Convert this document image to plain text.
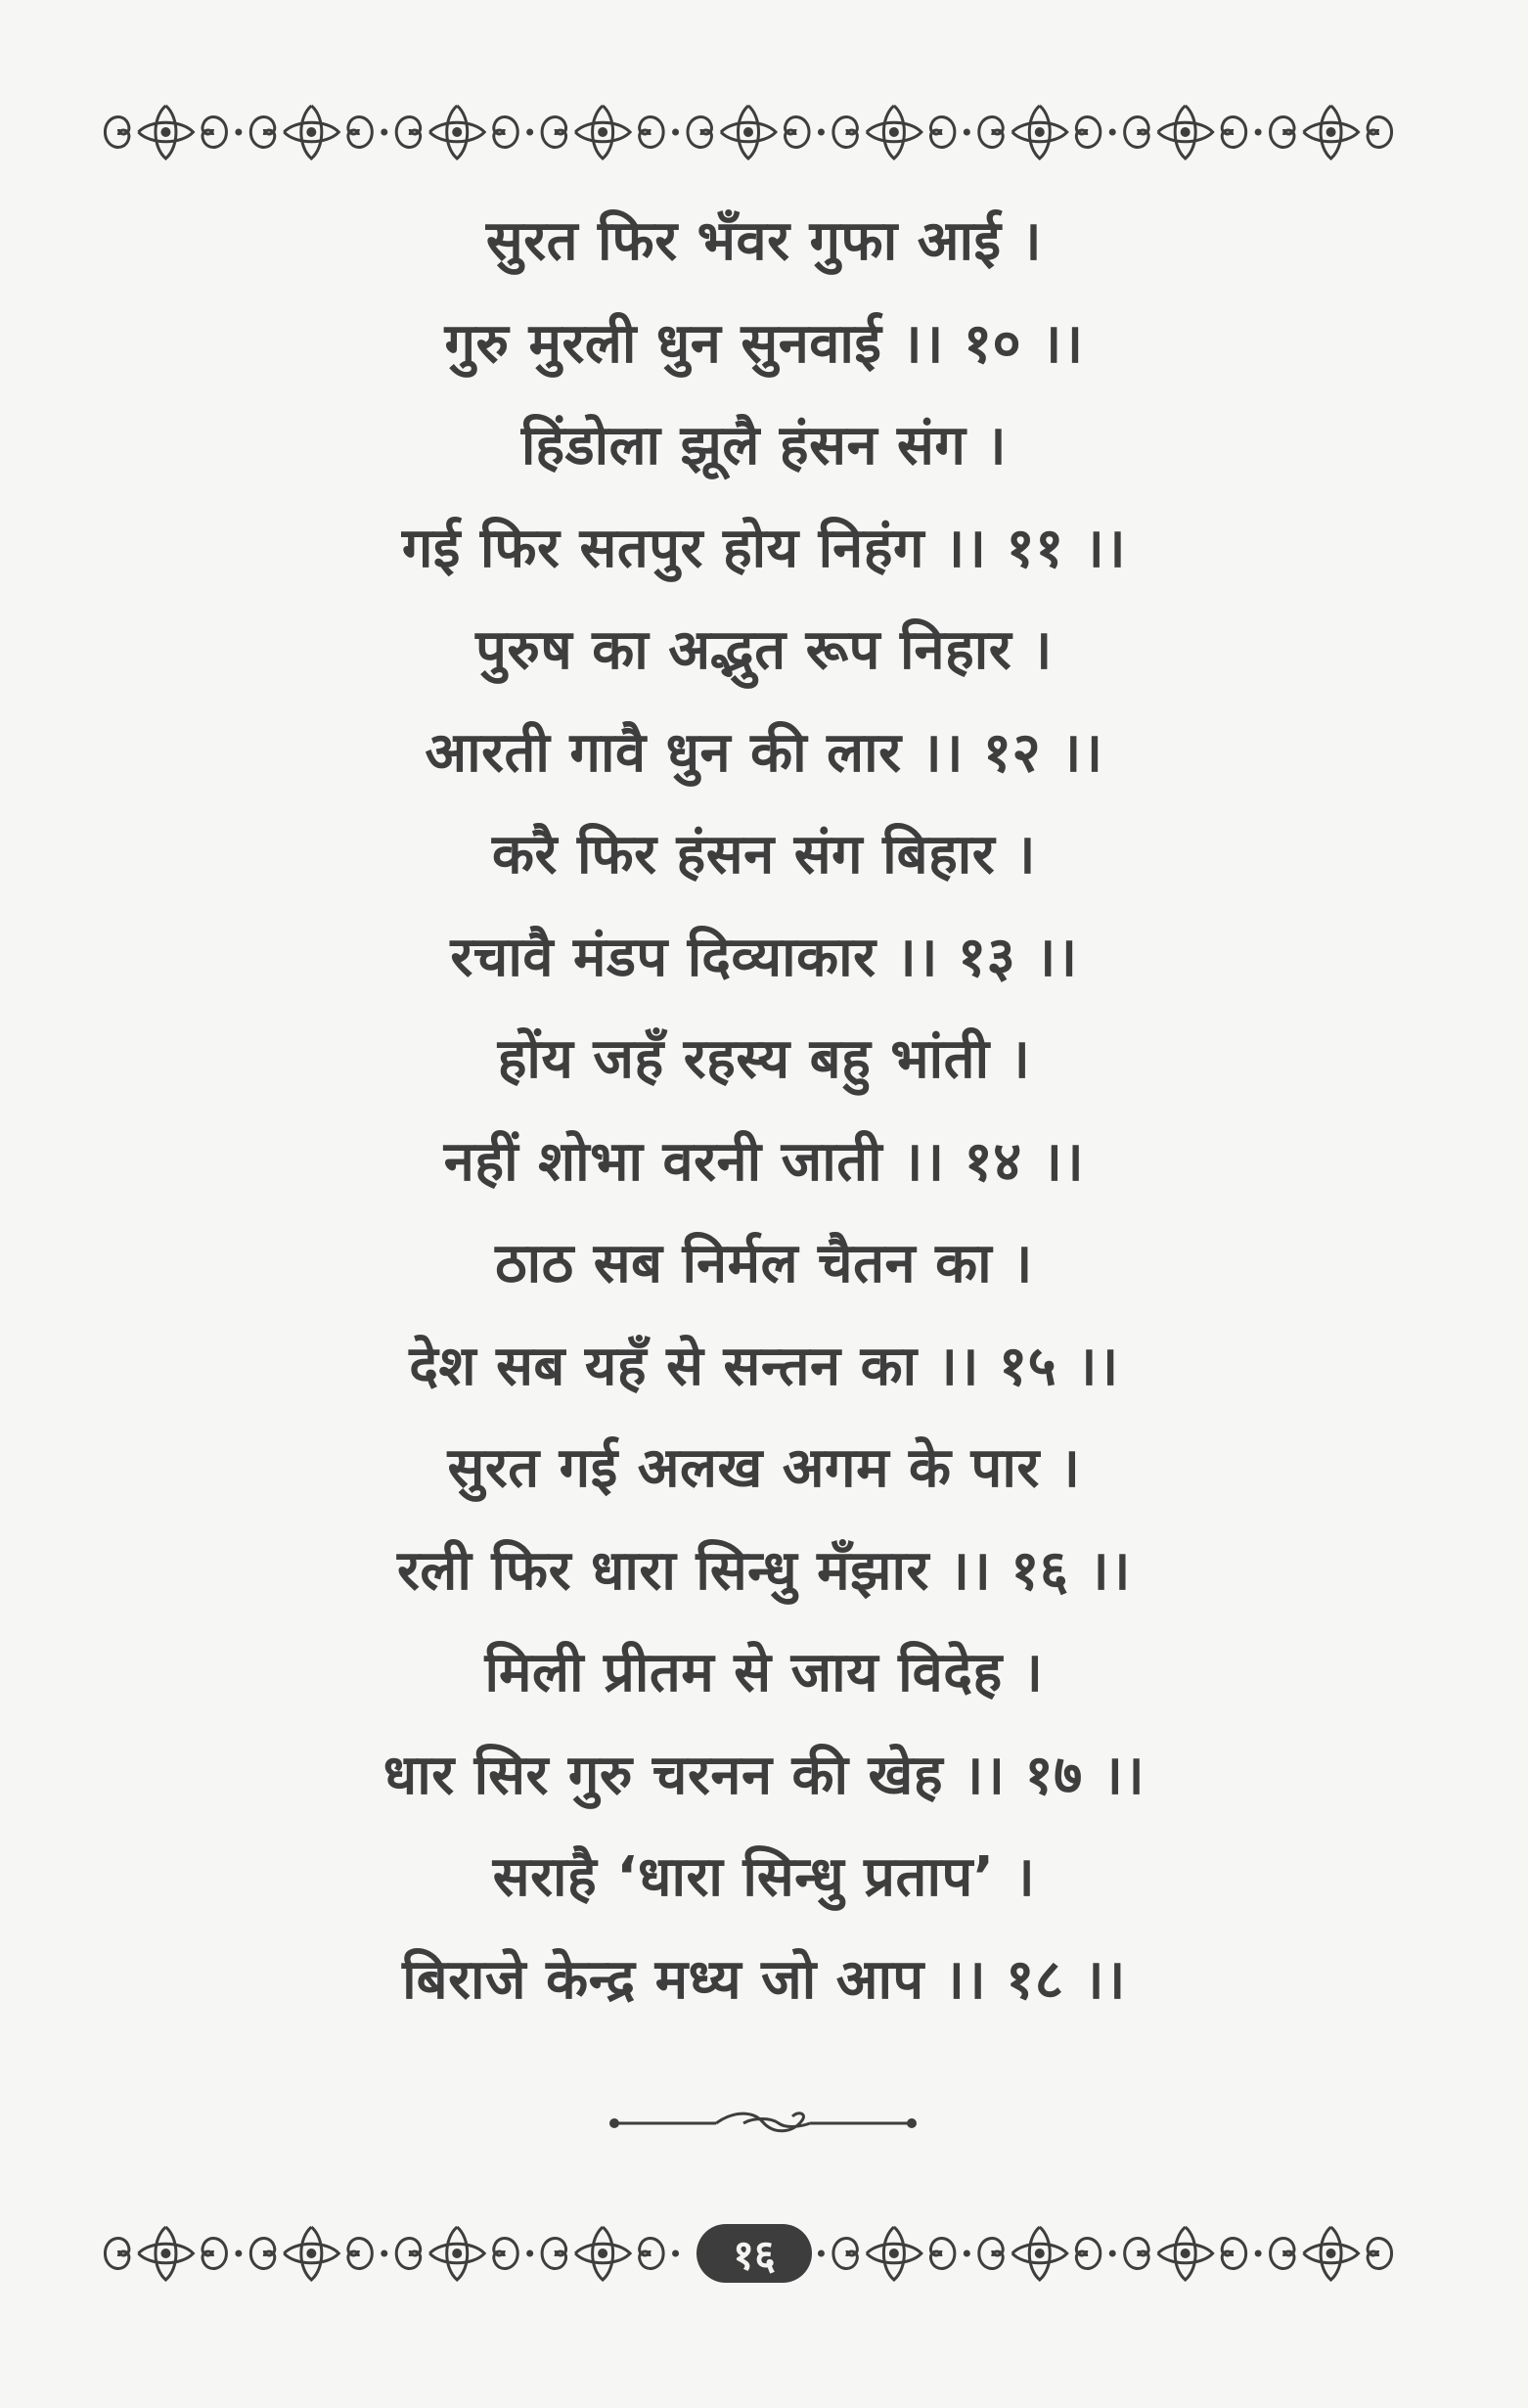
सुरत फिर भँवर गुफा आई ।
गुरु मुरली धुन सुनवाई ।। १० ।।
हिंडोला झूलै हंसन संग ।
गई फिर सतपुर होय निहंग ।। ११ ।।
पुरुष का अद्भुत रूप निहार ।
आरती गावै धुन की लार ।। १२ ।।
करै फिर हंसन संग बिहार ।
रचावै मंडप दिव्याकार ।। १३ ।।
होंय जहँ रहस्य बहु भांती ।
नहीं शोभा वरनी जाती ।। १४ ।।
ठाठ सब निर्मल चैतन का ।
देश सब यहँ से सन्तन का ।। १५ ।।
सुरत गई अलख अगम के पार ।
रली फिर धारा सिन्धु मँझार ।। १६ ।।
मिली प्रीतम से जाय विदेह ।
धार सिर गुरु चरनन की खेह ।। १७ ।।
सराहै ‘धारा सिन्धु प्रताप’ ।
बिराजे केन्द्र मध्य जो आप ।। १८ ।।
१६
